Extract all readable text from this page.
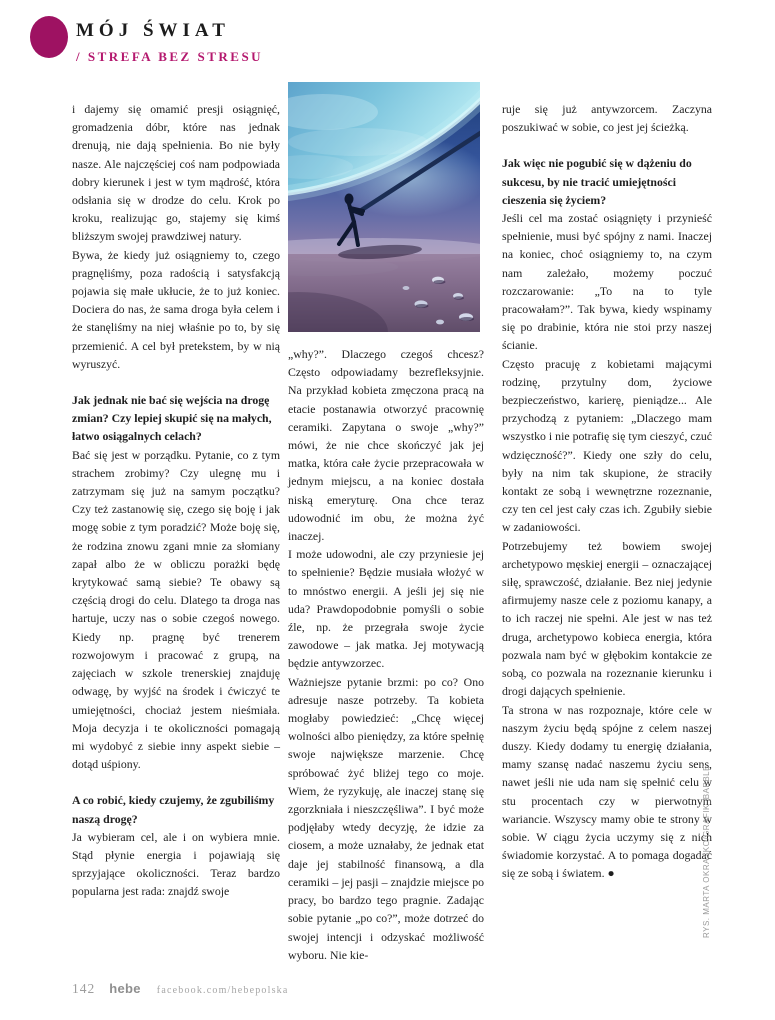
MÓJ ŚWIAT
/ STREFA BEZ STRESU

i dajemy się omamić presji osiągnięć, gromadzenia dóbr, które nas jednak drenują, nie dają spełnienia. Bo nie były nasze. Ale najczęściej coś nam podpowiada dobry kierunek i jest w tym mądrość, która odsłania się w drodze do celu. Krok po kroku, realizując go, stajemy się kimś bliższym swojej prawdziwej natury.

Bywa, że kiedy już osiągniemy to, czego pragnęliśmy, poza radością i satysfakcją pojawia się małe ukłucie, że to już koniec. Dociera do nas, że sama droga była celem i że stanęliśmy na niej właśnie po to, by się przemienić. A cel był pretekstem, by w nią wyruszyć.

Jak jednak nie bać się wejścia na drogę zmian? Czy lepiej skupić się na małych, łatwo osiągalnych celach?

Bać się jest w porządku. Pytanie, co z tym strachem zrobimy? Czy ulegnę mu i zatrzymam się już na samym początku? Czy też zastanowię się, czego się boję i jak mogę sobie z tym poradzić? Może boję się, że rodzina znowu zgani mnie za słomiany zapał albo że w obliczu porażki będę krytykować samą siebie? Te obawy są częścią drogi do celu. Dlatego ta droga nas hartuje, uczy nas o sobie czegoś nowego. Kiedy np. pragnę być trenerem rozwojowym i pracować z grupą, na zajęciach w szkole trenerskiej znajduję odwagę, by wyjść na środek i ćwiczyć te umiejętności, chociaż jestem nieśmiała. Moja decyzja i te okoliczności pomagają mi wydobyć z siebie inny aspekt siebie – dotąd uśpiony.

A co robić, kiedy czujemy, że zgubiliśmy naszą drogę?

Ja wybieram cel, ale i on wybiera mnie. Stąd płynie energia i pojawiają się sprzyjające okoliczności. Teraz bardzo popularna jest rada: znajdź swoje

„why?”. Dlaczego czegoś chcesz? Często odpowiadamy bezrefleksyjnie. Na przykład kobieta zmęczona pracą na etacie postanawia otworzyć pracownię ceramiki. Zapytana o swoje „why?” mówi, że nie chce skończyć jak jej matka, która całe życie przepracowała w jednym miejscu, a na koniec dostała niską emeryturę. Ona chce teraz udowodnić im obu, że można żyć inaczej.

I może udowodni, ale czy przyniesie jej to spełnienie? Będzie musiała włożyć w to mnóstwo energii. A jeśli jej się nie uda? Prawdopodobnie pomyśli o sobie źle, np. że przegrała swoje życie zawodowe – jak matka. Jej motywacją będzie antywzorzec.

Ważniejsze pytanie brzmi: po co? Ono adresuje nasze potrzeby. Ta kobieta mogłaby powiedzieć: „Chcę więcej wolności albo pieniędzy, za które spełnię swoje największe marzenie. Chcę spróbować żyć bliżej tego co moje. Wiem, że ryzykuję, ale inaczej stanę się zgorzkniała i nieszczęśliwa”. I być może podjęłaby wtedy decyzję, że idzie za ciosem, a może uznałaby, że jednak etat daje jej stabilność finansową, a dla ceramiki – jej pasji – znajdzie miejsce po pracy, bo bardzo tego pragnie. Zadając sobie pytanie „po co?”, może dotrzeć do swojej intencji i odzyskać możliwość wyboru. Nie kie-

ruje się już antywzorcem. Zaczyna poszukiwać w sobie, co jest jej ścieżką.

Jak więc nie pogubić się w dążeniu do sukcesu, by nie tracić umiejętności cieszenia się życiem?

Jeśli cel ma zostać osiągnięty i przynieść spełnienie, musi być spójny z nami. Inaczej na koniec, choć osiągniemy to, na czym nam zależało, możemy poczuć rozczarowanie: „To na to tyle pracowałam?”. Tak bywa, kiedy wspinamy się po drabinie, która nie stoi przy naszej ścianie.

Często pracuję z kobietami mającymi rodzinę, przytulny dom, życiowe bezpieczeństwo, karierę, pieniądze... Ale przychodzą z pytaniem: „Dlaczego mam wszystko i nie potrafię się tym cieszyć, czuć wdzięczność?”. Kiedy one szły do celu, były na nim tak skupione, że straciły kontakt ze sobą i wewnętrzne rozeznanie, czy ten cel jest cały czas ich. Zgubiły siebie w zadaniowości.

Potrzebujemy też bowiem swojej archetypowo męskiej energii – oznaczającej siłę, sprawczość, działanie. Bez niej jedynie afirmujemy nasze cele z poziomu kanapy, a to ich raczej nie spełni. Ale jest w nas też druga, archetypowo kobieca energia, która pozwala nam być w głębokim kontakcie ze sobą, co pozwala na rozeznanie kierunku i drogi dających spełnienie.

Ta strona w nas rozpoznaje, które cele w naszym życiu będą spójne z celem naszej duszy. Kiedy dodamy tu energię działania, mamy szansę nadać naszemu życiu sens, nawet jeśli nie uda nam się spełnić celu w stu procentach czy w pierwotnym wariancie. Wszyscy mamy obie te strony w sobie. W ciągu życia uczymy się z nich świadomie korzystać. A to pomaga dogadać się ze sobą i światem. ●	RYS. MARTA OKRASKO/GRAFIK_BABBLE
142 hebe facebook.com/hebepolska
